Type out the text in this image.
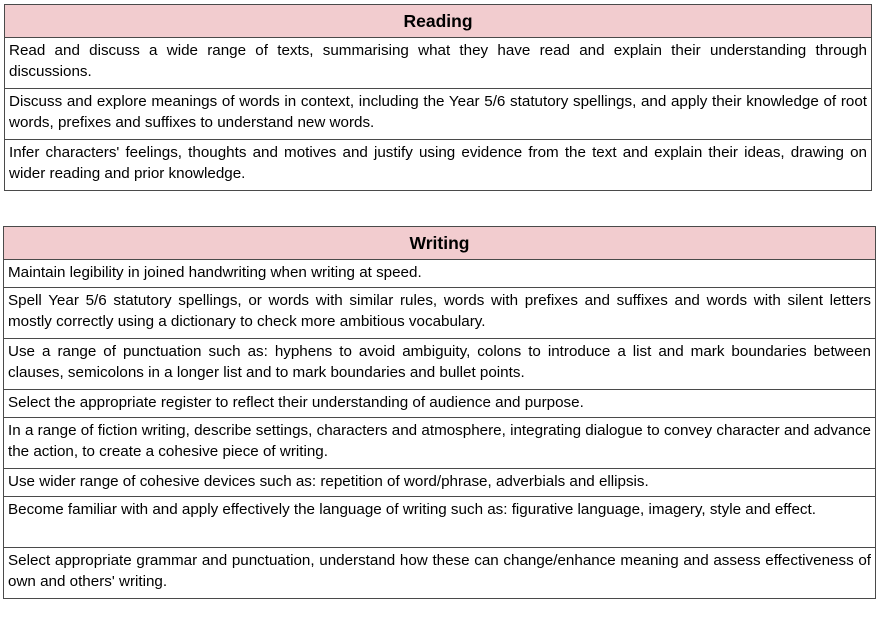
Reading
Read and discuss a wide range of texts, summarising what they have read and explain their understanding through discussions.
Discuss and explore meanings of words in context, including the Year 5/6 statutory spellings, and apply their knowledge of root words, prefixes and suffixes to understand new words.
Infer characters' feelings, thoughts and motives and justify using evidence from the text and explain their ideas, drawing on wider reading and prior knowledge.
Writing
Maintain legibility in joined handwriting when writing at speed.
Spell Year 5/6 statutory spellings, or words with similar rules, words with prefixes and suffixes and words with silent letters mostly correctly using a dictionary to check more ambitious vocabulary.
Use a range of punctuation such as: hyphens to avoid ambiguity, colons to introduce a list and mark boundaries between clauses, semicolons in a longer list and to mark boundaries and bullet points.
Select the appropriate register to reflect their understanding of audience and purpose.
In a range of fiction writing, describe settings, characters and atmosphere, integrating dialogue to convey character and advance the action, to create a cohesive piece of writing.
Use wider range of cohesive devices such as: repetition of word/phrase, adverbials and ellipsis.
Become familiar with and apply effectively the language of writing such as: figurative language, imagery, style and effect.
Select appropriate grammar and punctuation, understand how these can change/enhance meaning and assess effectiveness of own and others' writing.
